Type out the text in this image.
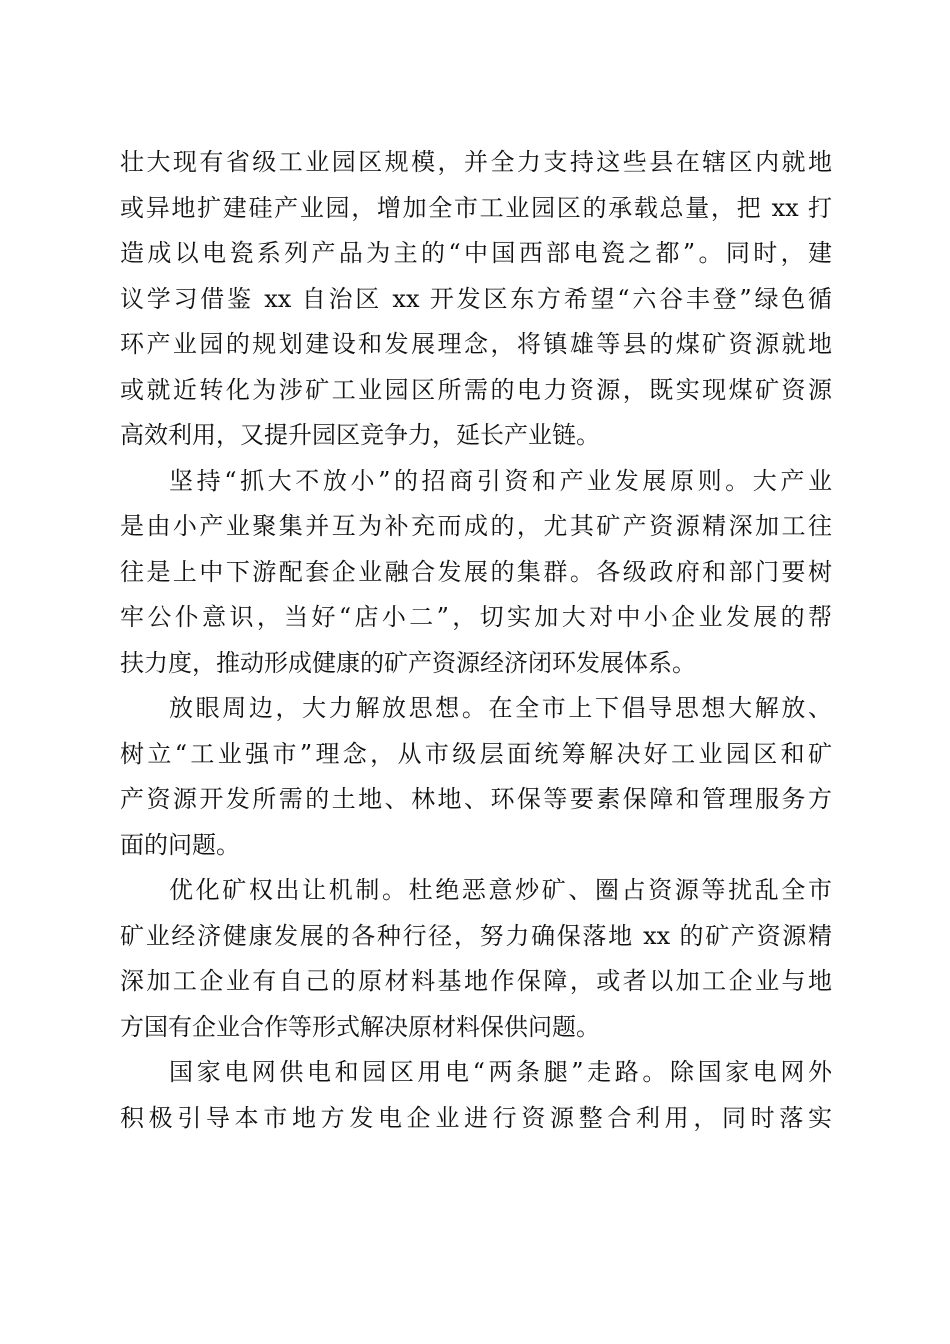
壮大现有省级工业园区规模，并全力支持这些县在辖区内就地
或异地扩建硅产业园，增加全市工业园区的承载总量，把 xx 打
造成以电瓷系列产品为主的“中国西部电瓷之都”。同时，建
议学习借鉴 xx 自治区 xx 开发区东方希望“六谷丰登”绿色循
环产业园的规划建设和发展理念，将镇雄等县的煤矿资源就地
或就近转化为涉矿工业园区所需的电力资源，既实现煤矿资源
高效利用，又提升园区竞争力，延长产业链。
坚持“抓大不放小”的招商引资和产业发展原则。大产业
是由小产业聚集并互为补充而成的，尤其矿产资源精深加工往
往是上中下游配套企业融合发展的集群。各级政府和部门要树
牢公仆意识，当好“店小二”，切实加大对中小企业发展的帮
扶力度，推动形成健康的矿产资源经济闭环发展体系。
放眼周边，大力解放思想。在全市上下倡导思想大解放、
树立“工业强市”理念，从市级层面统筹解决好工业园区和矿
产资源开发所需的土地、林地、环保等要素保障和管理服务方
面的问题。
优化矿权出让机制。杜绝恶意炒矿、圈占资源等扰乱全市
矿业经济健康发展的各种行径，努力确保落地 xx 的矿产资源精
深加工企业有自己的原材料基地作保障，或者以加工企业与地
方国有企业合作等形式解决原材料保供问题。
国家电网供电和园区用电“两条腿”走路。除国家电网外
积极引导本市地方发电企业进行资源整合利用，同时落实
